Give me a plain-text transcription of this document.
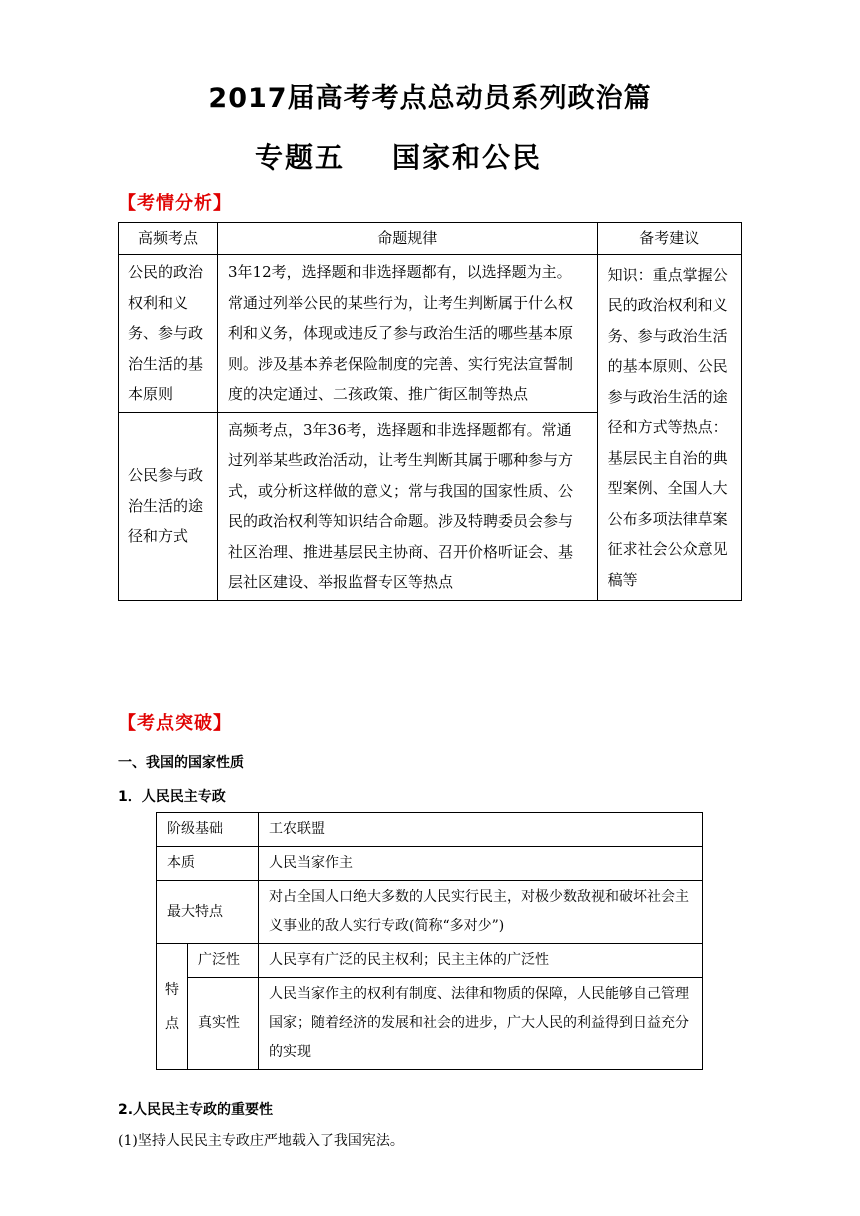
2017届高考考点总动员系列政治篇
专题五    国家和公民
【考情分析】
高频考点	命题规律	备考建议
公民的政治权利和义务、参与政治生活的基本原则	3年12考，选择题和非选择题都有，以选择题为主。常通过列举公民的某些行为，让考生判断属于什么权利和义务，体现或违反了参与政治生活的哪些基本原则。涉及基本养老保险制度的完善、实行宪法宣誓制度的决定通过、二孩政策、推广街区制等热点	知识：重点掌握公民的政治权利和义务、参与政治生活的基本原则、公民参与政治生活的途径和方式等热点：基层民主自治的典型案例、全国人大公布多项法律草案征求社会公众意见稿等
公民参与政治生活的途径和方式	高频考点，3年36考，选择题和非选择题都有。常通过列举某些政治活动，让考生判断其属于哪种参与方式，或分析这样做的意义；常与我国的国家性质、公民的政治权利等知识结合命题。涉及特聘委员会参与社区治理、推进基层民主协商、召开价格听证会、基层社区建设、举报监督专区等热点	
【考点突破】
一、我国的国家性质
1．人民民主专政
阶级基础		工农联盟
本质		人民当家作主
最大特点		对占全国人口绝大多数的人民实行民主，对极少数敌视和破坏社会主义事业的敌人实行专政(简称“多对少”)
特点	广泛性	人民享有广泛的民主权利；民主主体的广泛性
	真实性	人民当家作主的权利有制度、法律和物质的保障，人民能够自己管理国家；随着经济的发展和社会的进步，广大人民的利益得到日益充分的实现
2.人民民主专政的重要性
(1)坚持人民民主专政庄严地载入了我国宪法。
